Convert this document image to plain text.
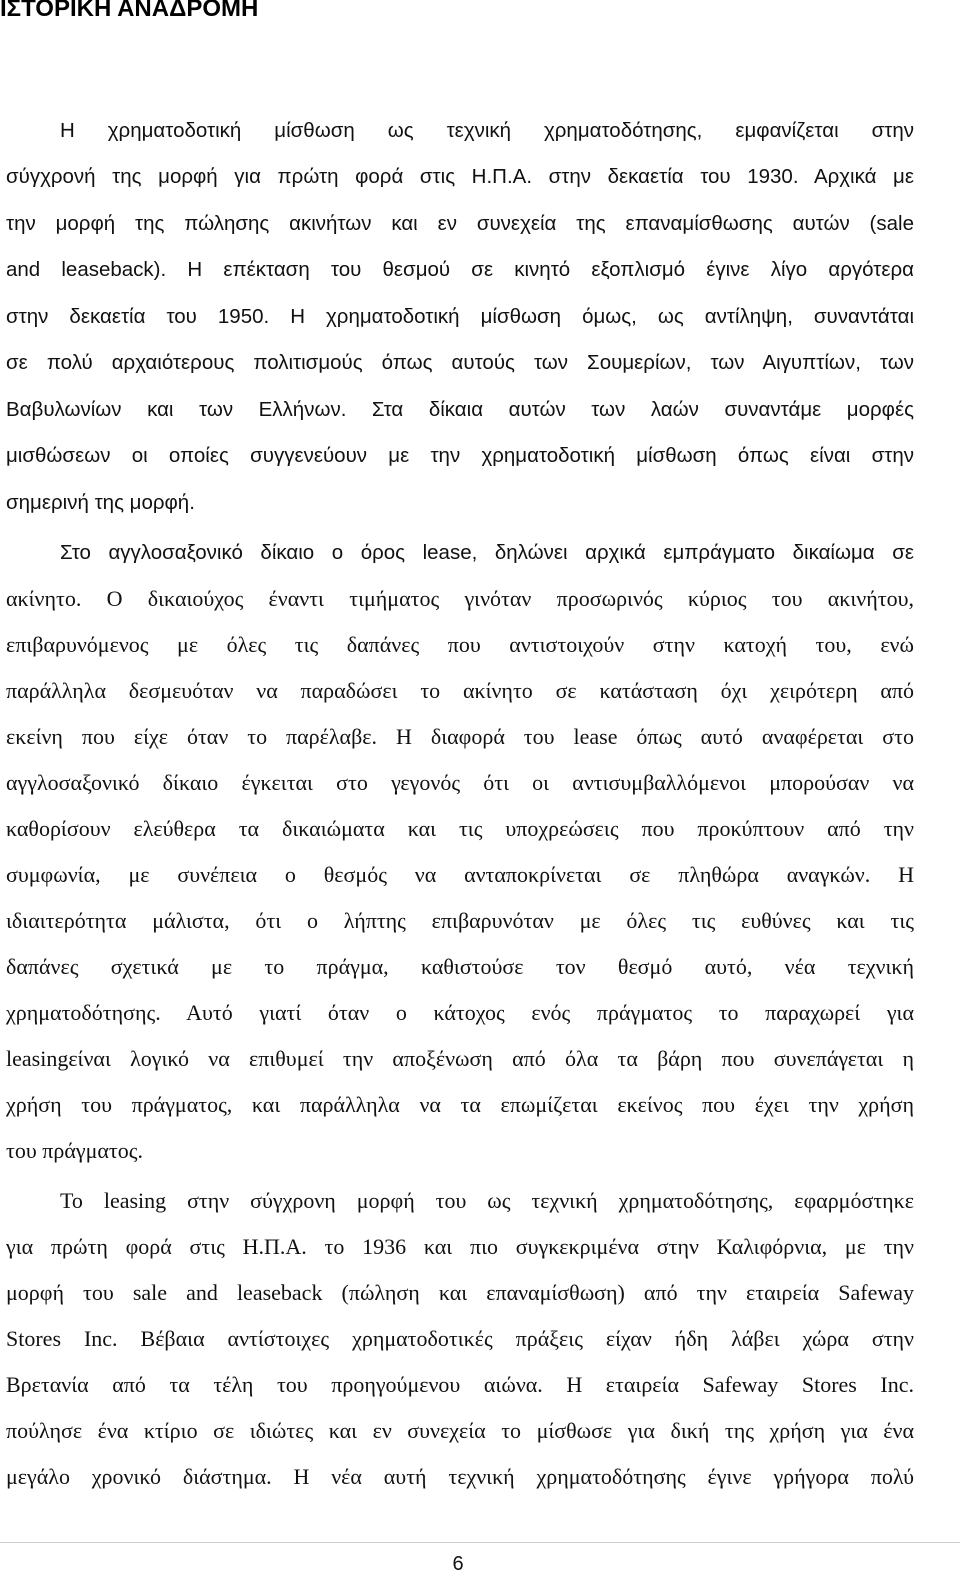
ΙΣΤΟΡΙΚΗ ΑΝΑΔΡΟΜΗ

Η χρηματοδοτική μίσθωση ως τεχνική χρηματοδότησης, εμφανίζεται στην

σύγχρονή της μορφή για πρώτη φορά στις Η.Π.Α. στην δεκαετία του 1930. Αρχικά με

την μορφή της πώλησης ακινήτων και εν συνεχεία της επαναμίσθωσης αυτών (sale

and leaseback). Η επέκταση του θεσμού σε κινητό εξοπλισμό έγινε λίγο αργότερα

στην δεκαετία του 1950. Η χρηματοδοτική μίσθωση όμως, ως αντίληψη, συναντάται

σε πολύ αρχαιότερους πολιτισμούς όπως αυτούς των Σουμερίων, των Αιγυπτίων, των

Βαβυλωνίων και των Ελλήνων. Στα δίκαια αυτών των λαών συναντάμε μορφές

μισθώσεων οι οποίες συγγενεύουν με την χρηματοδοτική μίσθωση όπως είναι στην

σημερινή της μορφή.

Στο αγγλοσαξονικό δίκαιο ο όρος lease, δηλώνει αρχικά εμπράγματο δικαίωμα σε

ακίνητο. Ο δικαιούχος έναντι τιμήματος γινόταν προσωρινός κύριος του ακινήτου,

επιβαρυνόμενος με όλες τις δαπάνες που αντιστοιχούν στην κατοχή του, ενώ

παράλληλα δεσμευόταν να παραδώσει το ακίνητο σε κατάσταση όχι χειρότερη από

εκείνη που είχε όταν το παρέλαβε. Η διαφορά του lease όπως αυτό αναφέρεται στο

αγγλοσαξονικό δίκαιο έγκειται στο γεγονός ότι οι αντισυμβαλλόμενοι μπορούσαν να

καθορίσουν ελεύθερα τα δικαιώματα και τις υποχρεώσεις που προκύπτουν από την

συμφωνία, με συνέπεια ο θεσμός να ανταποκρίνεται σε πληθώρα αναγκών. Η

ιδιαιτερότητα μάλιστα, ότι ο λήπτης επιβαρυνόταν με όλες τις ευθύνες και τις

δαπάνες σχετικά με το πράγμα, καθιστούσε τον θεσμό αυτό, νέα τεχνική

χρηματοδότησης. Αυτό γιατί όταν ο κάτοχος ενός πράγματος το παραχωρεί για

leasingείναι λογικό να επιθυμεί την αποξένωση από όλα τα βάρη που συνεπάγεται η

χρήση του πράγματος, και παράλληλα να τα επωμίζεται εκείνος που έχει την χρήση

του πράγματος.

Το leasing στην σύγχρονη μορφή του ως τεχνική χρηματοδότησης, εφαρμόστηκε

για πρώτη φορά στις Η.Π.Α. το 1936 και πιο συγκεκριμένα στην Καλιφόρνια, με την

μορφή του sale and leaseback (πώληση και επαναμίσθωση) από την εταιρεία Safeway

Stores Inc. Βέβαια αντίστοιχες χρηματοδοτικές πράξεις είχαν ήδη λάβει χώρα στην

Βρετανία από τα τέλη του προηγούμενου αιώνα. Η εταιρεία Safeway Stores Inc.

πούλησε ένα κτίριο σε ιδιώτες και εν συνεχεία το μίσθωσε για δική της χρήση για ένα

μεγάλο χρονικό διάστημα. Η νέα αυτή τεχνική χρηματοδότησης έγινε γρήγορα πολύ

6
